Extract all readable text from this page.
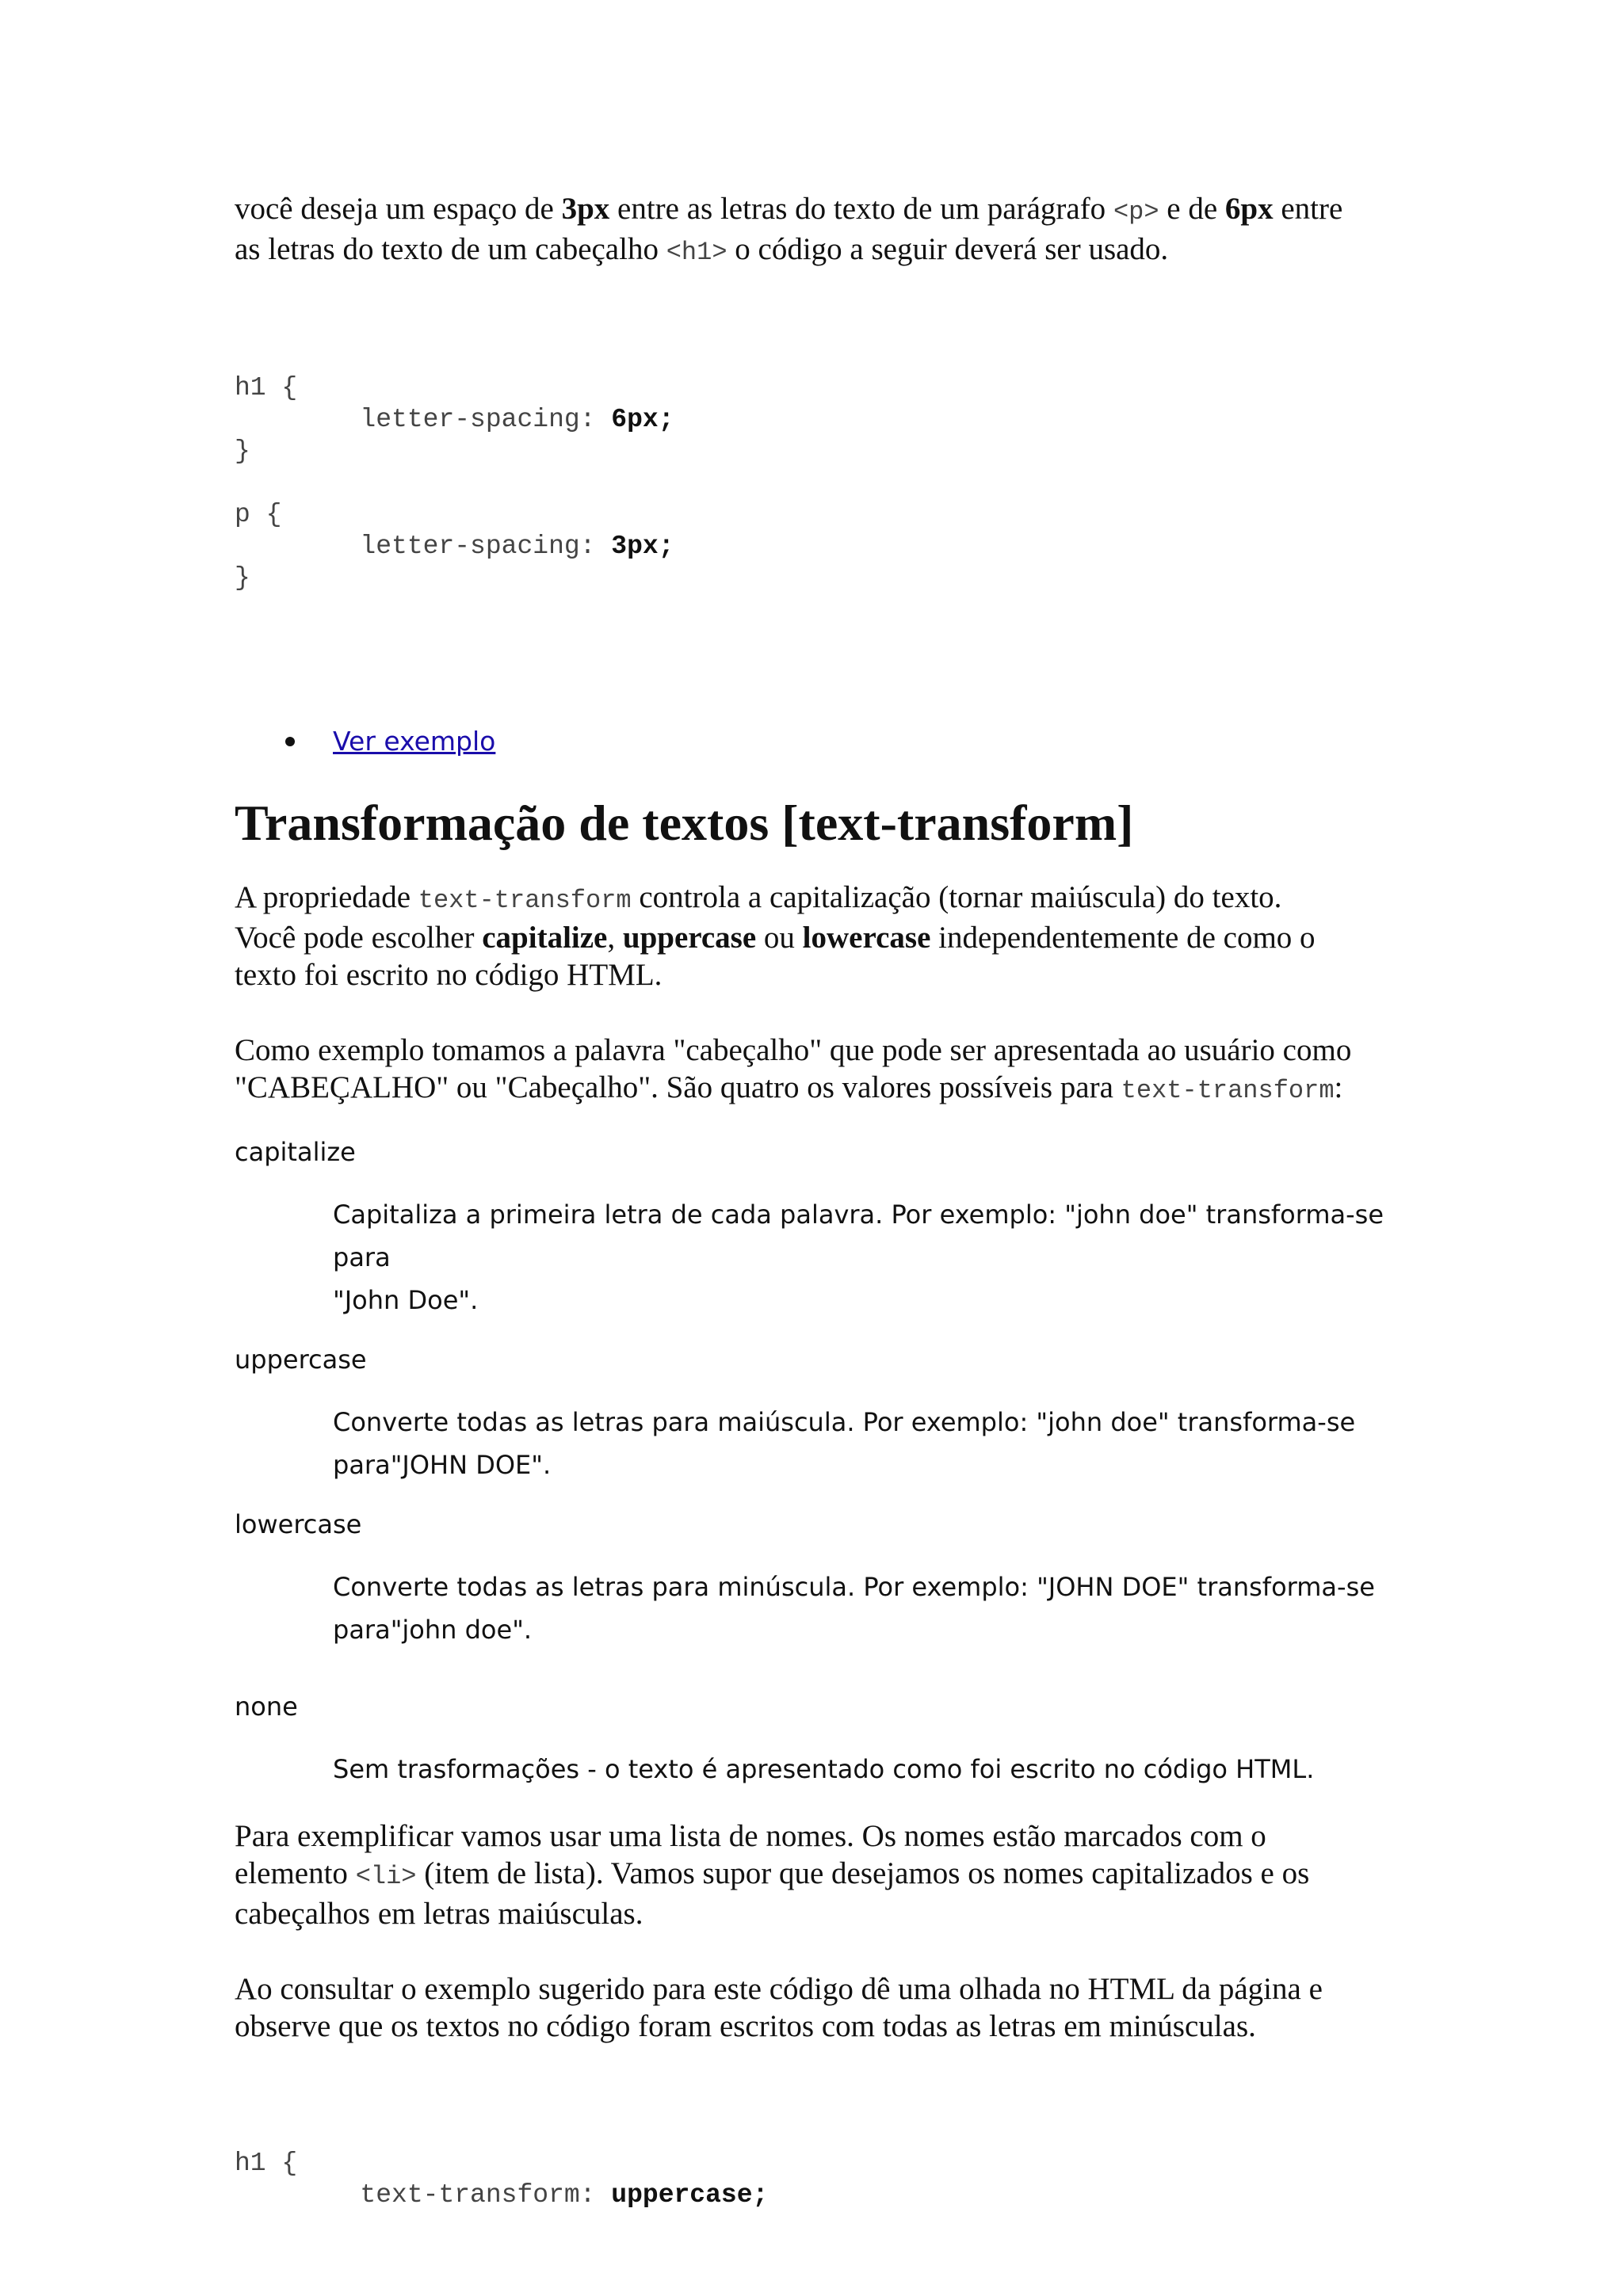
você deseja um espaço de 3px entre as letras do texto de um parágrafo <p> e de 6px entre

as letras do texto de um cabeçalho <h1> o código a seguir deverá ser usado.

h1 {
letter-spacing: 6px;
}
p {
letter-spacing: 3px;
}

Ver exemplo
Transformação de textos [text-transform]

A propriedade text-transform controla a capitalização (tornar maiúscula) do texto.

Você pode escolher capitalize, uppercase ou lowercase independentemente de como o

texto foi escrito no código HTML.

Como exemplo tomamos a palavra "cabeçalho" que pode ser apresentada ao usuário como

"CABEÇALHO" ou "Cabeçalho". São quatro os valores possíveis para text-transform:

capitalize
Capitaliza a primeira letra de cada palavra. Por exemplo: "john doe" transforma-se para
"John Doe".
uppercase
Converte todas as letras para maiúscula. Por exemplo: "john doe" transforma-se
para"JOHN DOE".
lowercase
Converte todas as letras para minúscula. Por exemplo: "JOHN DOE" transforma-se
para"john doe".
none
Sem trasformações - o texto é apresentado como foi escrito no código HTML.

Para exemplificar vamos usar uma lista de nomes. Os nomes estão marcados com o

elemento <li> (item de lista). Vamos supor que desejamos os nomes capitalizados e os

cabeçalhos em letras maiúsculas.

Ao consultar o exemplo sugerido para este código dê uma olhada no HTML da página e

observe que os textos no código foram escritos com todas as letras em minúsculas.

h1 {
text-transform: uppercase;
